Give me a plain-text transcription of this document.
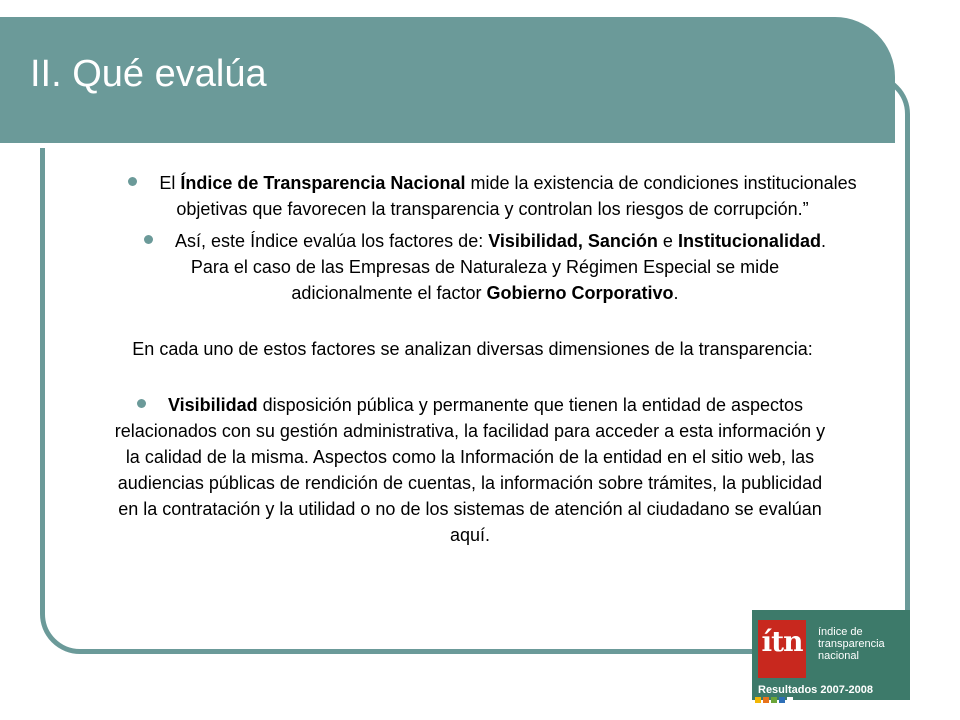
II. Qué evalúa

El Índice de Transparencia Nacional mide la existencia de condiciones institucionales objetivas que favorecen la transparencia y controlan los riesgos de corrupción.”

Así, este Índice evalúa los factores de: Visibilidad, Sanción e Institucionalidad. Para el caso de las Empresas de Naturaleza y Régimen Especial se mide adicionalmente el factor Gobierno Corporativo.

En cada uno de estos factores se analizan diversas dimensiones de la transparencia:

Visibilidad disposición pública y permanente que tienen la entidad de aspectos relacionados con su gestión administrativa, la facilidad para acceder a esta información y la calidad de la misma. Aspectos como la Información de la entidad en el sitio web, las audiencias públicas de rendición de cuentas, la información sobre trámites, la publicidad en la contratación y la utilidad o no de los sistemas de atención al ciudadano se evalúan aquí.

ítn	índice de
transparencia
nacional
Resultados 2007-2008
